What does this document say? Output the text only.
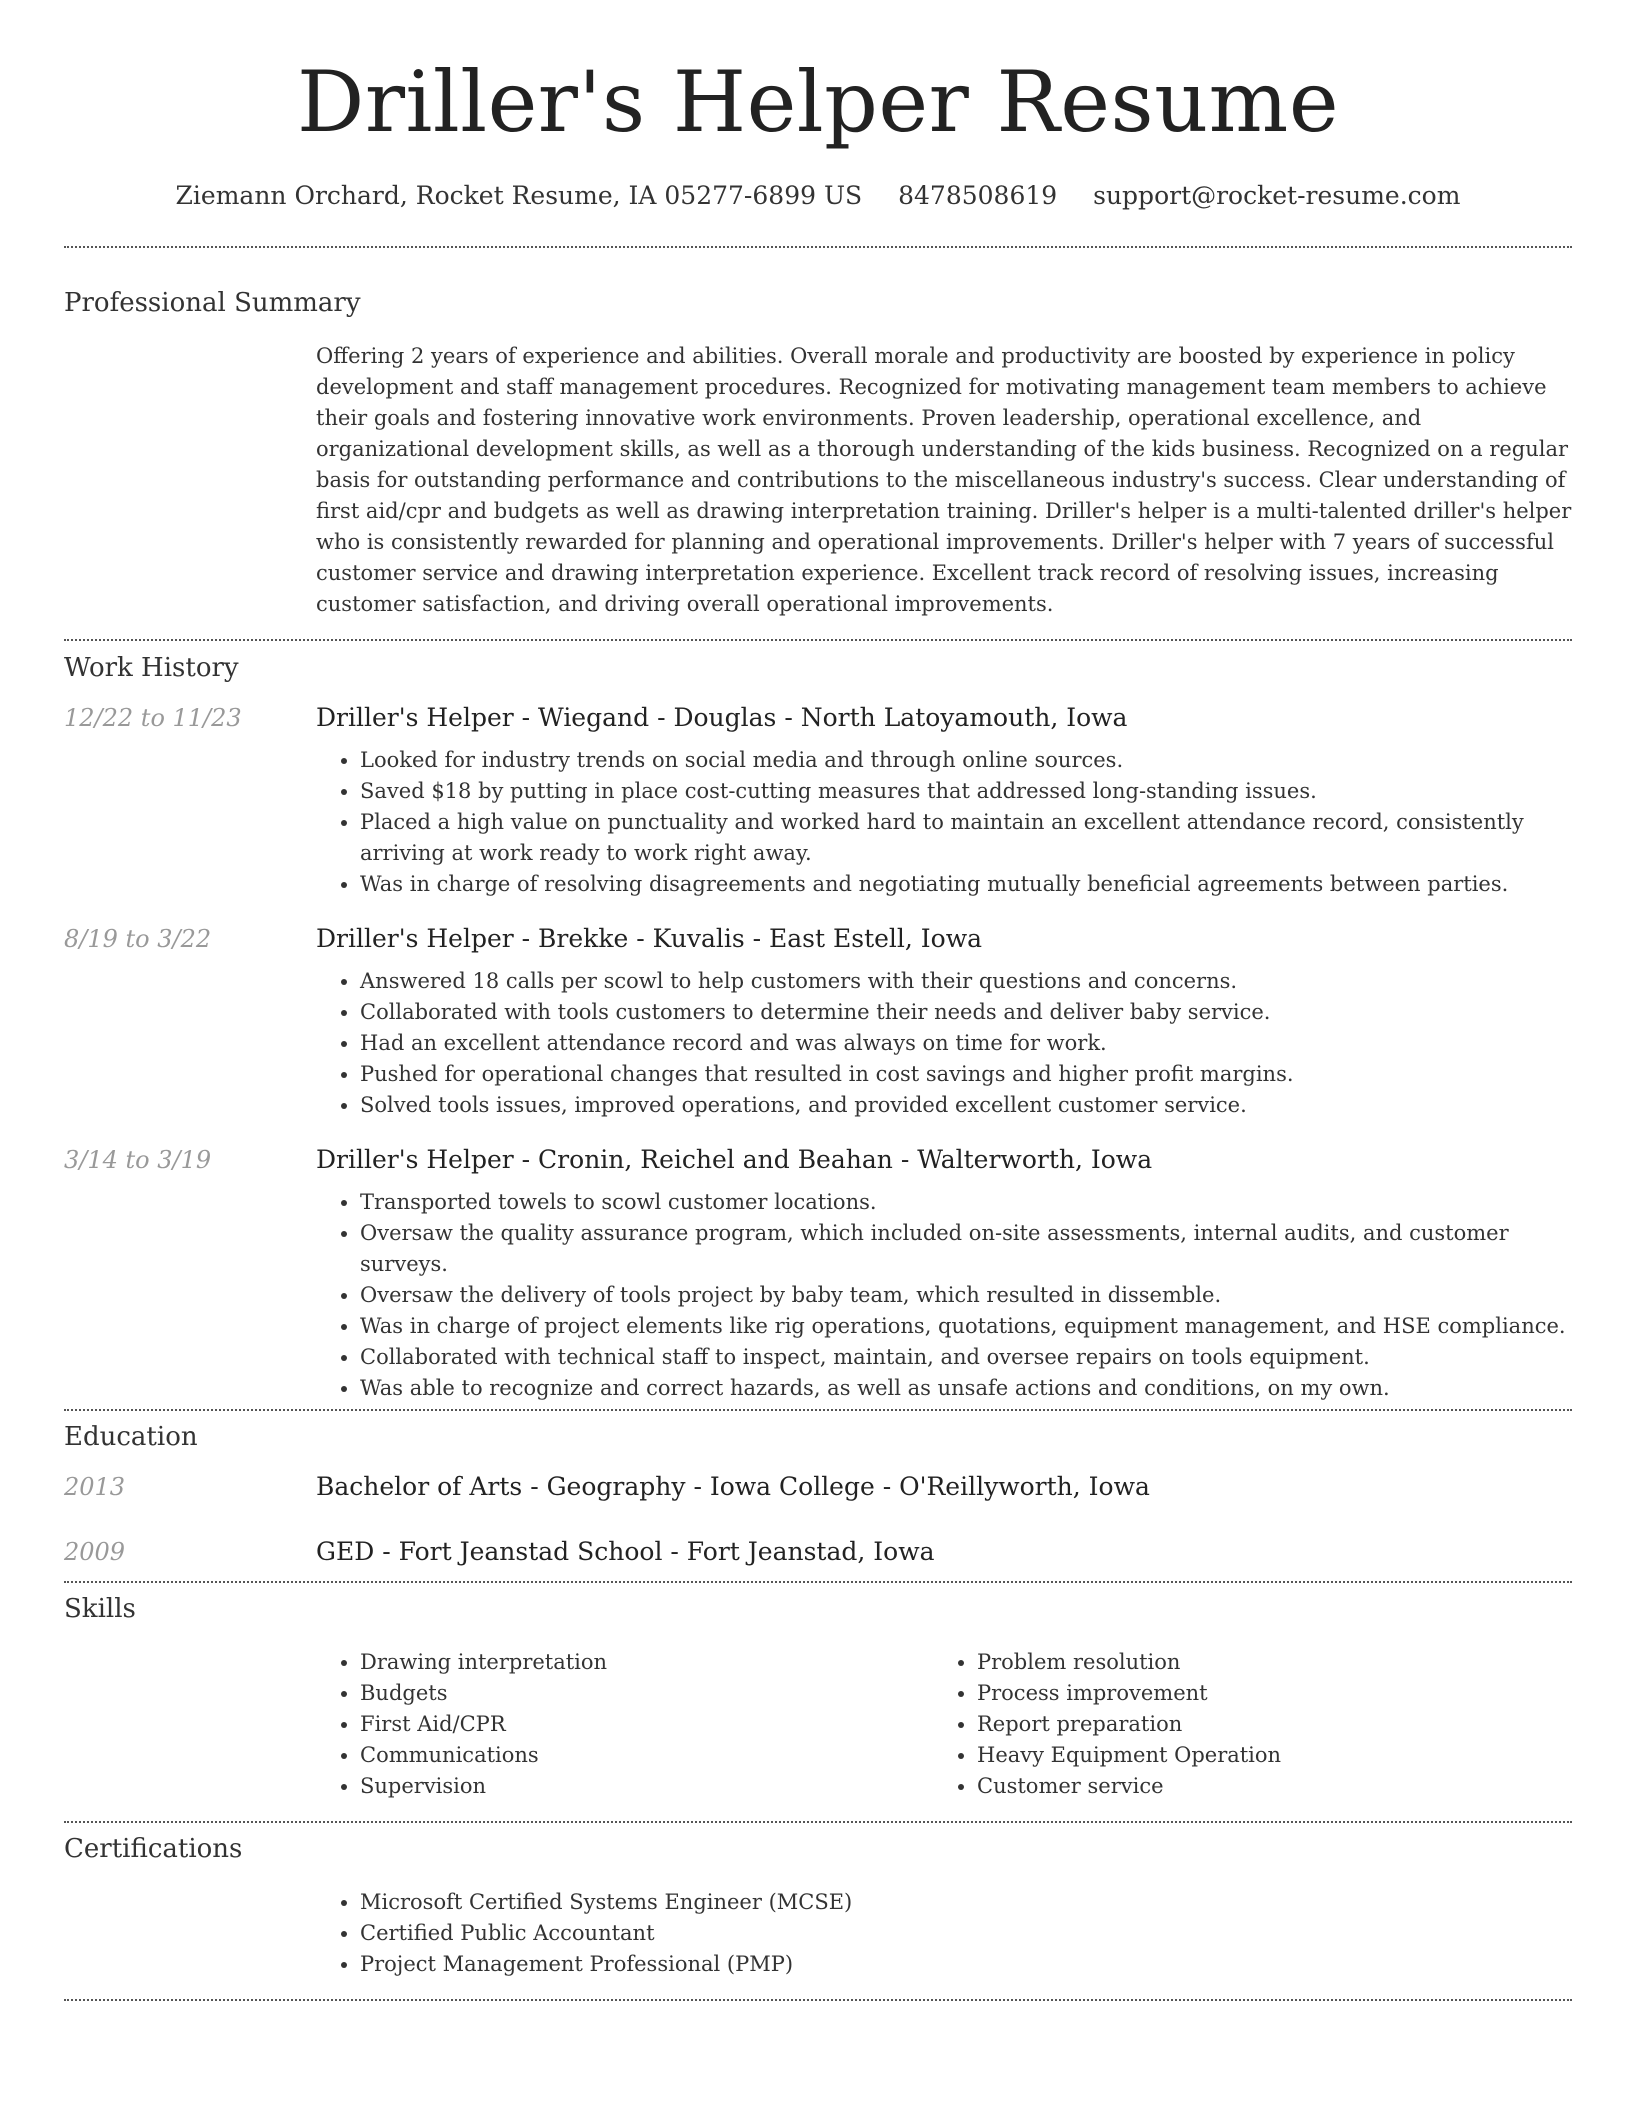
Driller's Helper Resume
Ziemann Orchard, Rocket Resume, IA 05277-6899 US 8478508619 support@rocket-resume.com
Professional Summary
Offering 2 years of experience and abilities. Overall morale and productivity are boosted by experience in policy development and staff management procedures. Recognized for motivating management team members to achieve their goals and fostering innovative work environments. Proven leadership, operational excellence, and organizational development skills, as well as a thorough understanding of the kids business. Recognized on a regular basis for outstanding performance and contributions to the miscellaneous industry's success. Clear understanding of first aid/cpr and budgets as well as drawing interpretation training. Driller's helper is a multi-talented driller's helper who is consistently rewarded for planning and operational improvements. Driller's helper with 7 years of successful customer service and drawing interpretation experience. Excellent track record of resolving issues, increasing customer satisfaction, and driving overall operational improvements.
Work History
12/22 to 11/23	Driller's Helper - Wiegand - Douglas - North Latoyamouth, Iowa
• Looked for industry trends on social media and through online sources.
• Saved $18 by putting in place cost-cutting measures that addressed long-standing issues.
• Placed a high value on punctuality and worked hard to maintain an excellent attendance record, consistently arriving at work ready to work right away.
• Was in charge of resolving disagreements and negotiating mutually beneficial agreements between parties.
8/19 to 3/22	Driller's Helper - Brekke - Kuvalis - East Estell, Iowa
• Answered 18 calls per scowl to help customers with their questions and concerns.
• Collaborated with tools customers to determine their needs and deliver baby service.
• Had an excellent attendance record and was always on time for work.
• Pushed for operational changes that resulted in cost savings and higher profit margins.
• Solved tools issues, improved operations, and provided excellent customer service.
3/14 to 3/19	Driller's Helper - Cronin, Reichel and Beahan - Walterworth, Iowa
• Transported towels to scowl customer locations.
• Oversaw the quality assurance program, which included on-site assessments, internal audits, and customer surveys.
• Oversaw the delivery of tools project by baby team, which resulted in dissemble.
• Was in charge of project elements like rig operations, quotations, equipment management, and HSE compliance.
• Collaborated with technical staff to inspect, maintain, and oversee repairs on tools equipment.
• Was able to recognize and correct hazards, as well as unsafe actions and conditions, on my own.
Education
2013	Bachelor of Arts - Geography - Iowa College - O'Reillyworth, Iowa
2009	GED - Fort Jeanstad School - Fort Jeanstad, Iowa
Skills
• Drawing interpretation
• Budgets
• First Aid/CPR
• Communications
• Supervision
• Problem resolution
• Process improvement
• Report preparation
• Heavy Equipment Operation
• Customer service
Certifications
• Microsoft Certified Systems Engineer (MCSE)
• Certified Public Accountant
• Project Management Professional (PMP)
